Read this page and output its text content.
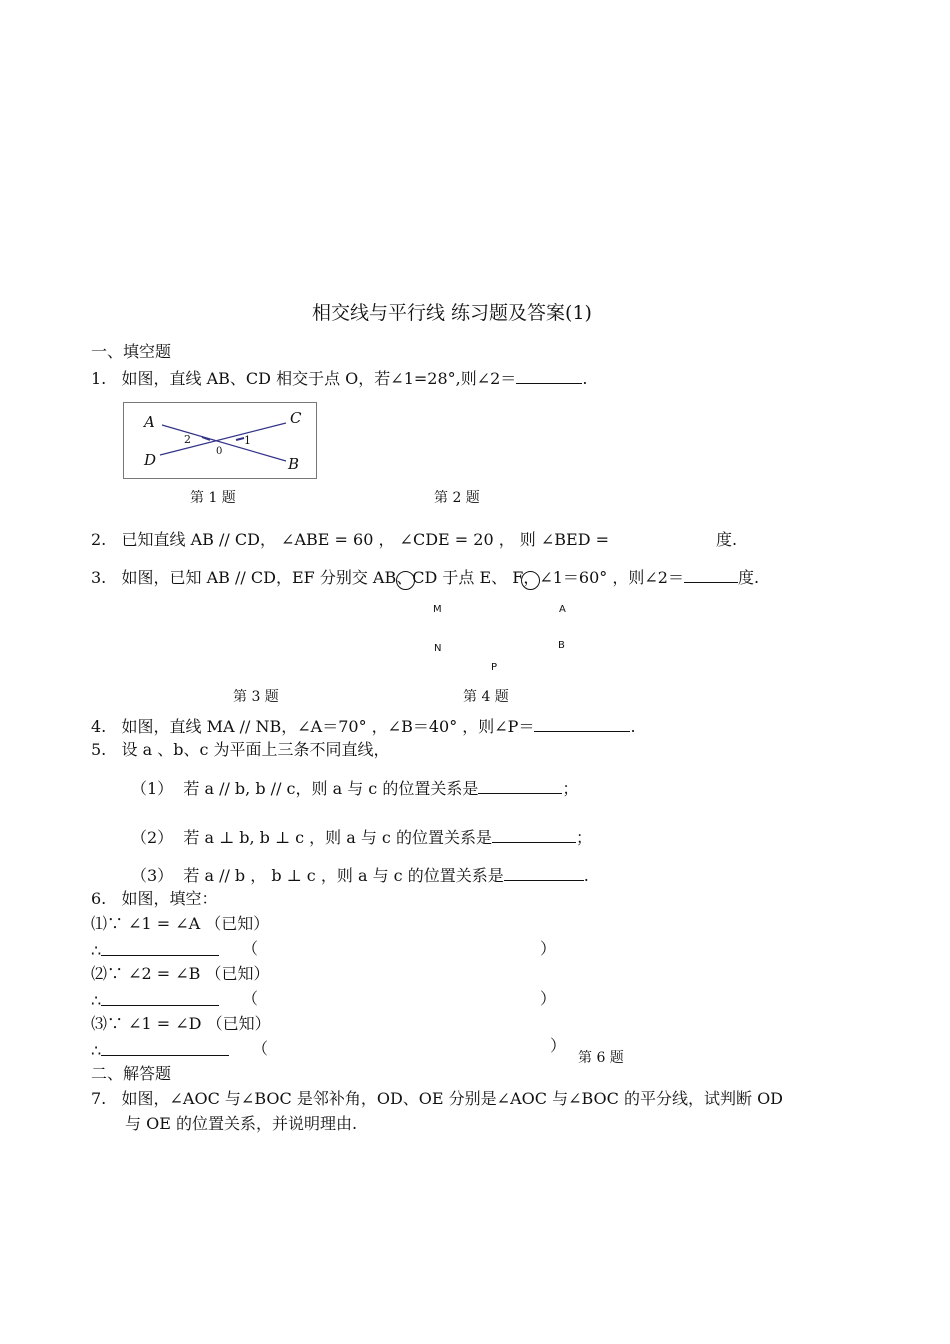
相交线与平行线 练习题及答案(1)
一、填空题
1.   如图，直线 AB、CD 相交于点 O，若∠1=28°,则∠2＝	.
A	C
D	B
2	1
0
第 1 题	第 2 题
2.   已知直线 AB // CD， ∠ABE = 60 ， ∠CDE = 20 ， 则 ∠BED =	度.
3.   如图，已知 AB // CD，EF 分别交 AB、CD 于点 E、 F，∠1＝60° ，则∠2＝	度.
M	A
N	B
P
第 3 题	第 4 题
4.   如图，直线 MA // NB，∠A＝70° ，∠B＝40° ，则∠P＝	.
5.   设 a 、b、c 为平面上三条不同直线，
（1）  若 a // b, b // c，则 a 与 c 的位置关系是	；
（2）  若 a ⊥ b, b ⊥ c ，则 a 与 c 的位置关系是	；
（3）  若 a // b ， b ⊥ c ，则 a 与 c 的位置关系是	.
6.   如图，填空：
⑴∵ ∠1 = ∠A （已知）
∴	（	）
⑵∵ ∠2 = ∠B （已知）
∴	（	）
⑶∵ ∠1 = ∠D （已知）
∴	（	）
第 6 题
二、解答题
7.   如图，∠AOC 与∠BOC 是邻补角，OD、OE 分别是∠AOC 与∠BOC 的平分线，试判断 OD
与 OE 的位置关系，并说明理由.
